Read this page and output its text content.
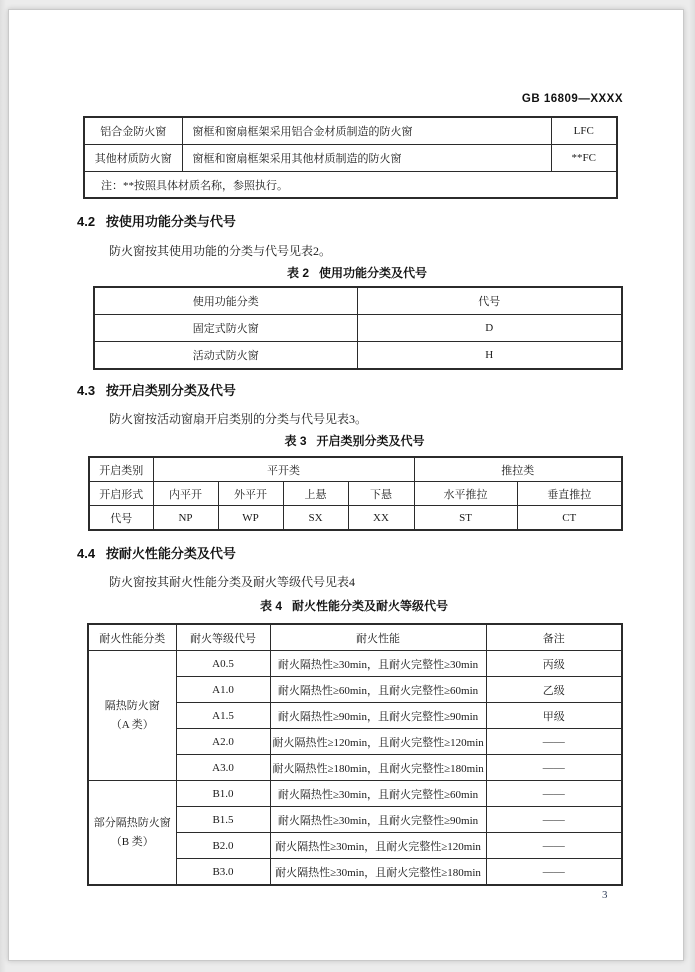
GB 16809—XXXX
铝合金防火窗	窗框和窗扇框架采用铝合金材质制造的防火窗	LFC
其他材质防火窗	窗框和窗扇框架采用其他材质制造的防火窗	**FC
注：**按照具体材质名称，参照执行。		
4.2   按使用功能分类与代号
防火窗按其使用功能的分类与代号见表2。
表 2   使用功能分类及代号
使用功能分类	代号
固定式防火窗	D
活动式防火窗	H
4.3   按开启类别分类及代号
防火窗按活动窗扇开启类别的分类与代号见表3。
表 3   开启类别分类及代号
开启类别	平开类				推拉类	
开启形式	内平开	外平开	上悬	下悬	水平推拉	垂直推拉
代号	NP	WP	SX	XX	ST	CT
4.4   按耐火性能分类及代号
防火窗按其耐火性能分类及耐火等级代号见表4
表 4   耐火性能分类及耐火等级代号
耐火性能分类	耐火等级代号	耐火性能	备注

隔热防火窗
（A 类）	A0.5	耐火隔热性≥30min，且耐火完整性≥30min	丙级
	A1.0	耐火隔热性≥60min，且耐火完整性≥60min	乙级
	A1.5	耐火隔热性≥90min，且耐火完整性≥90min	甲级
	A2.0	耐火隔热性≥120min，且耐火完整性≥120min	——
	A3.0	耐火隔热性≥180min，且耐火完整性≥180min	——

部分隔热防火窗
（B 类）	B1.0	耐火隔热性≥30min，且耐火完整性≥60min	——
	B1.5	耐火隔热性≥30min，且耐火完整性≥90min	——
	B2.0	耐火隔热性≥30min，且耐火完整性≥120min	——
	B3.0	耐火隔热性≥30min，且耐火完整性≥180min	——
3
